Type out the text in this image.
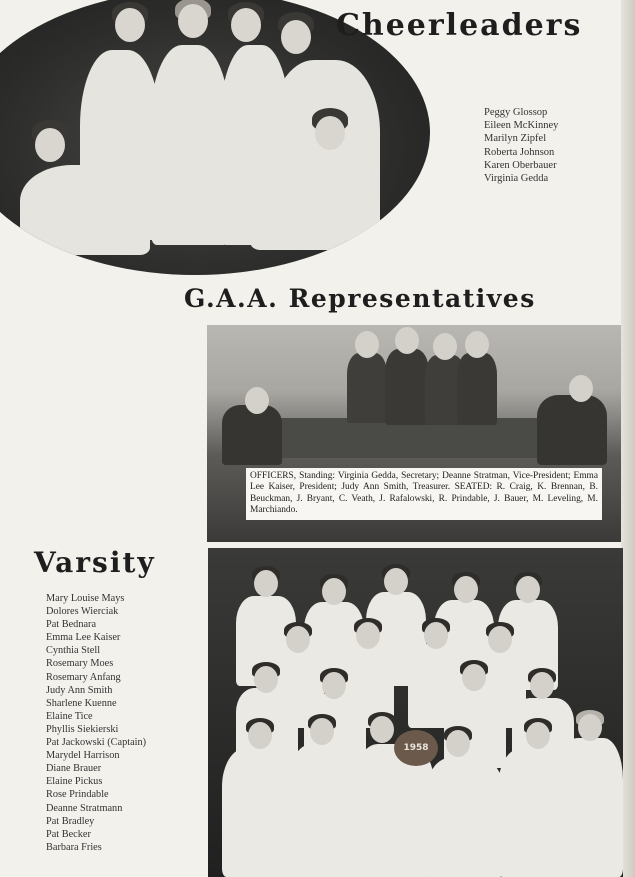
Cheerleaders
Peggy Glossop
Eileen McKinney
Marilyn Zipfel
Roberta Johnson
Karen Oberbauer
Virginia Gedda
G.A.A. Representatives
OFFICERS, Standing: Virginia Gedda, Secretary; Deanne Stratman, Vice-President; Emma Lee Kaiser, President; Judy Ann Smith, Treasurer. SEATED: R. Craig, K. Brennan, B. Beuckman, J. Bryant, C. Veath, J. Rafalowski, R. Prindable, J. Bauer, M. Leveling, M. Marchiando.
Varsity
Mary Louise Mays
Dolores Wierciak
Pat Bednara
Emma Lee Kaiser
Cynthia Stell
Rosemary Moes
Rosemary Anfang
Judy Ann Smith
Sharlene Kuenne
Elaine Tice
Phyllis Siekierski
Pat Jackowski (Captain)
Marydel Harrison
Diane Brauer
Elaine Pickus
Rose Prindable
Deanne Stratmann
Pat Bradley
Pat Becker
Barbara Fries
1958
